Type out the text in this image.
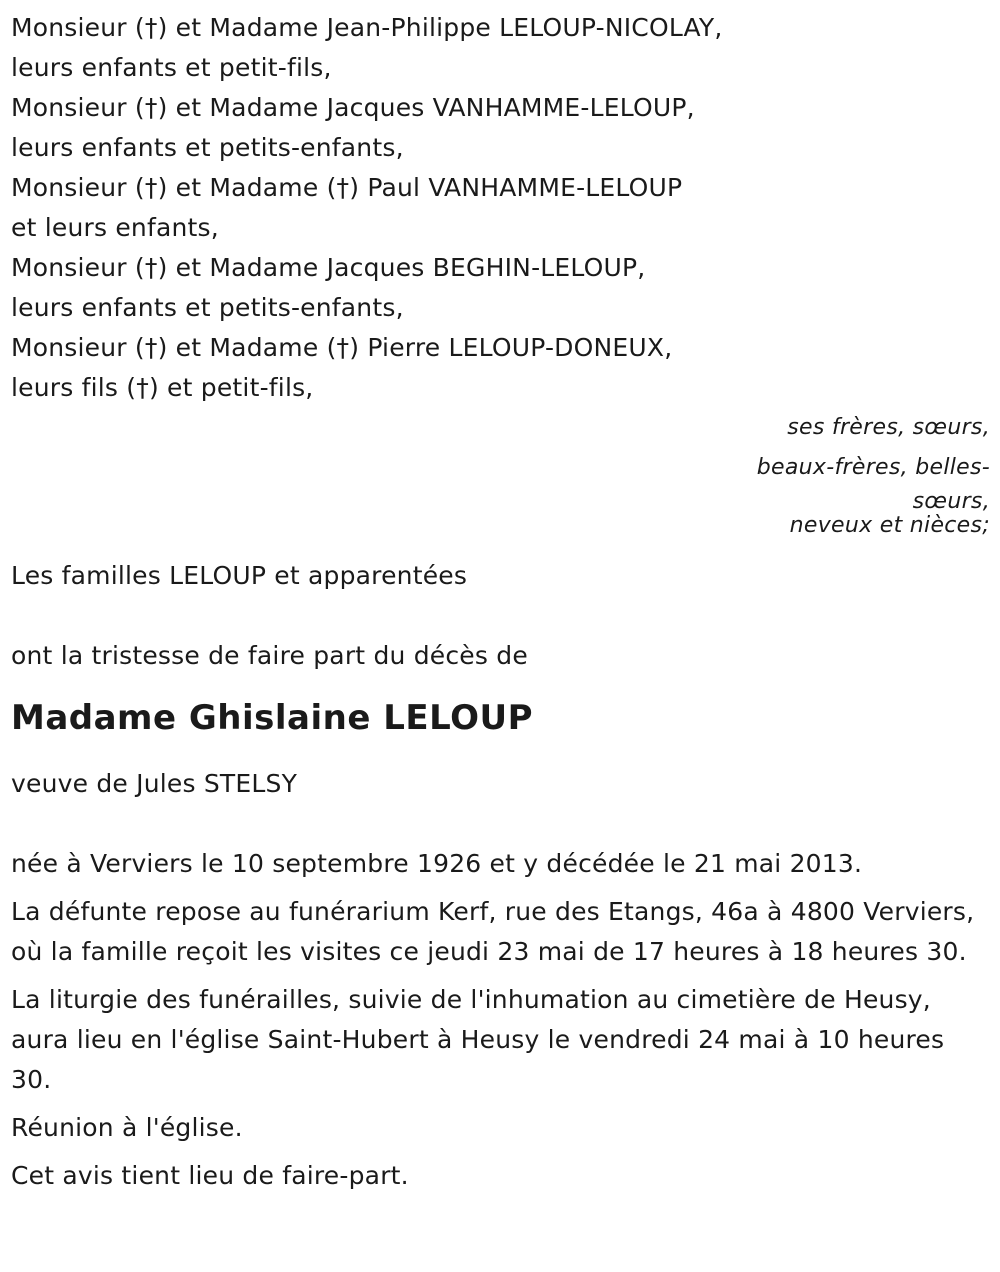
Monsieur (†) et Madame Jean-Philippe LELOUP-NICOLAY,
leurs enfants et petit-fils,
Monsieur (†) et Madame Jacques VANHAMME-LELOUP,
leurs enfants et petits-enfants,
Monsieur (†) et Madame (†) Paul VANHAMME-LELOUP
et leurs enfants,
Monsieur (†) et Madame Jacques BEGHIN-LELOUP,
leurs enfants et petits-enfants,
Monsieur (†) et Madame (†) Pierre LELOUP-DONEUX,
leurs fils (†) et petit-fils,
ses frères, sœurs,
beaux-frères, belles-
sœurs,
neveux et nièces;
Les familles LELOUP et apparentées
ont la tristesse de faire part du décès de
Madame Ghislaine LELOUP
veuve de Jules STELSY
née à Verviers le 10 septembre 1926 et y décédée le 21 mai 2013.
La défunte repose au funérarium Kerf, rue des Etangs, 46a à 4800 Verviers, où la famille reçoit les visites ce jeudi 23 mai de 17 heures à 18 heures 30.
La liturgie des funérailles, suivie de l'inhumation au cimetière de Heusy, aura lieu en l'église Saint-Hubert à Heusy le vendredi 24 mai à 10 heures 30.
Réunion à l'église.
Cet avis tient lieu de faire-part.
